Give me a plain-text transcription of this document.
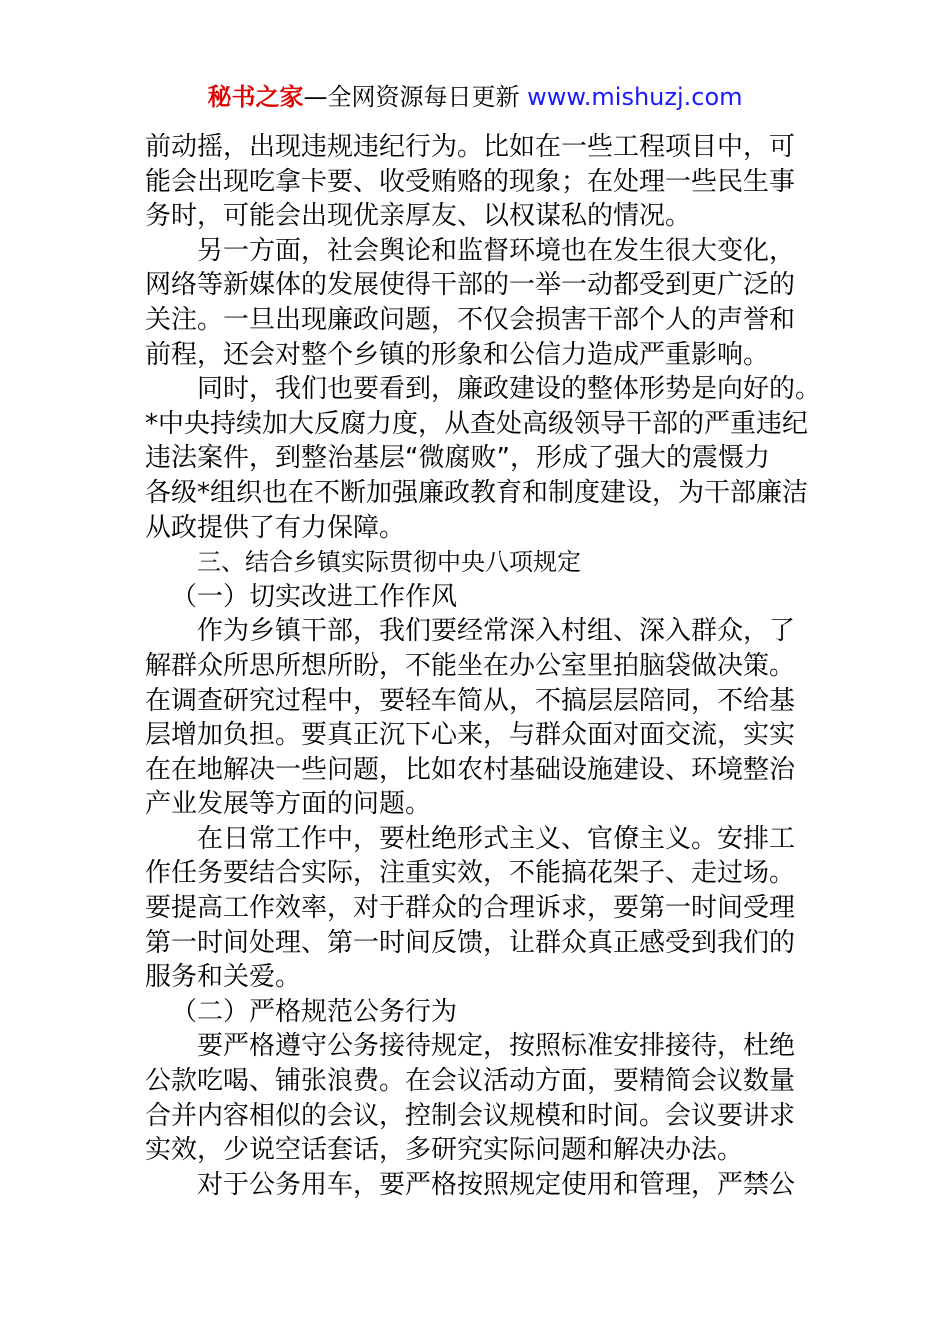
秘书之家—全网资源每日更新 www.mishuzj.com
前动摇，出现违规违纪行为。比如在一些工程项目中，可
能会出现吃拿卡要、收受贿赂的现象；在处理一些民生事
务时，可能会出现优亲厚友、以权谋私的情况。
另一方面，社会舆论和监督环境也在发生很大变化，
网络等新媒体的发展使得干部的一举一动都受到更广泛的
关注。一旦出现廉政问题，不仅会损害干部个人的声誉和
前程，还会对整个乡镇的形象和公信力造成严重影响。
同时，我们也要看到，廉政建设的整体形势是向好的。
*中央持续加大反腐力度，从查处高级领导干部的严重违纪
违法案件，到整治基层“微腐败”，形成了强大的震慑力
各级*组织也在不断加强廉政教育和制度建设，为干部廉洁
从政提供了有力保障。
三、结合乡镇实际贯彻中央八项规定
（一）切实改进工作作风
作为乡镇干部，我们要经常深入村组、深入群众，了
解群众所思所想所盼，不能坐在办公室里拍脑袋做决策。
在调查研究过程中，要轻车简从，不搞层层陪同，不给基
层增加负担。要真正沉下心来，与群众面对面交流，实实
在在地解决一些问题，比如农村基础设施建设、环境整治
产业发展等方面的问题。
在日常工作中，要杜绝形式主义、官僚主义。安排工
作任务要结合实际，注重实效，不能搞花架子、走过场。
要提高工作效率，对于群众的合理诉求，要第一时间受理
第一时间处理、第一时间反馈，让群众真正感受到我们的
服务和关爱。
（二）严格规范公务行为
要严格遵守公务接待规定，按照标准安排接待，杜绝
公款吃喝、铺张浪费。在会议活动方面，要精简会议数量
合并内容相似的会议，控制会议规模和时间。会议要讲求
实效，少说空话套话，多研究实际问题和解决办法。
对于公务用车，要严格按照规定使用和管理，严禁公
